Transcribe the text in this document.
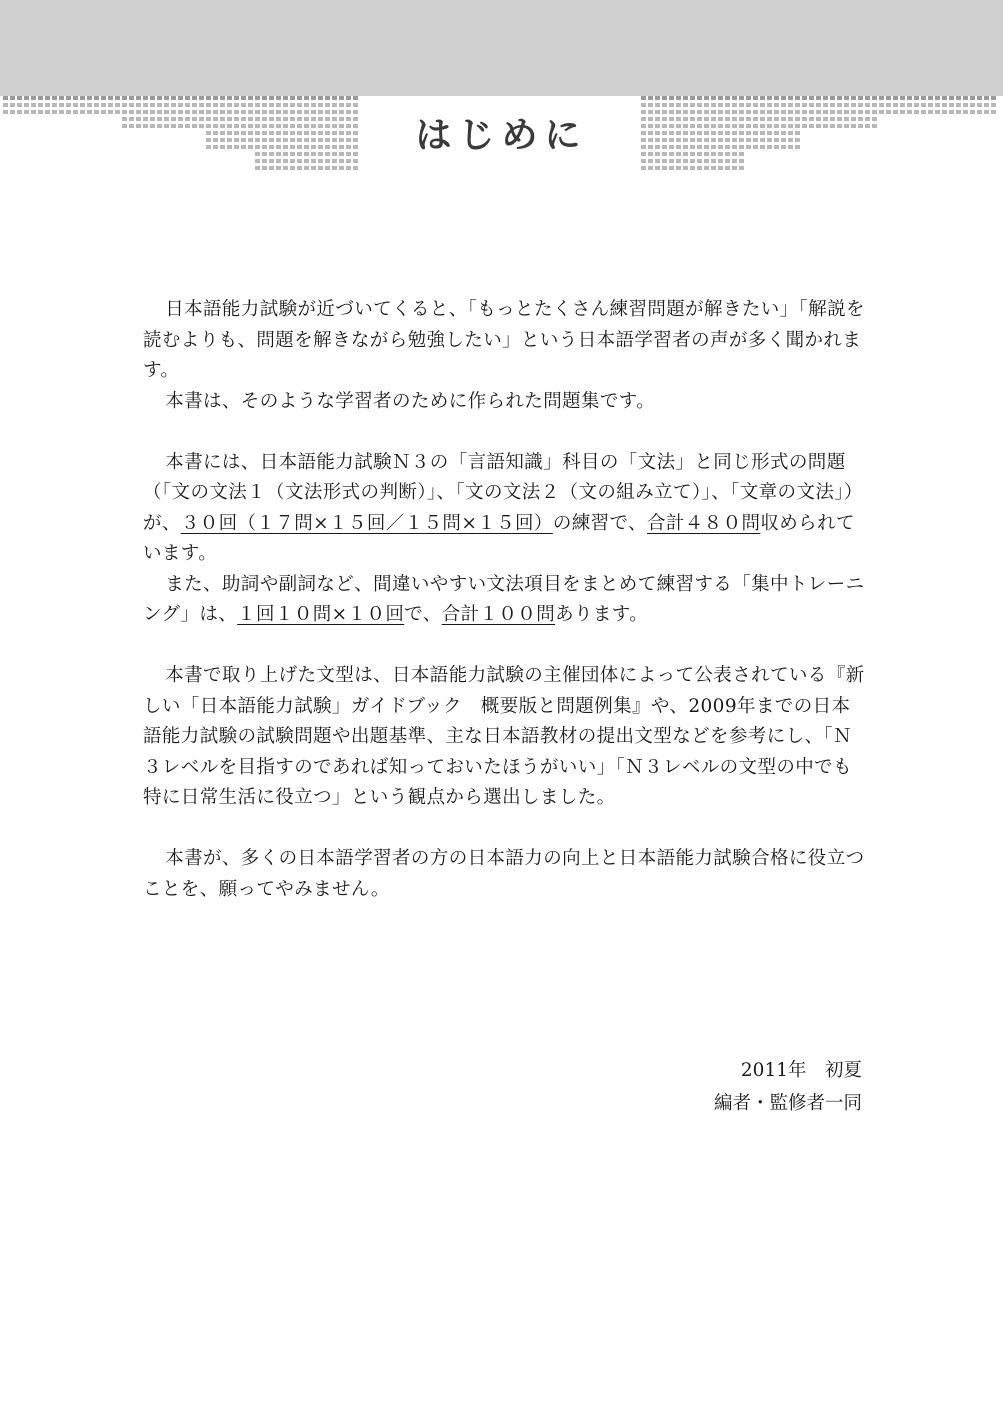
はじめに

日本語能力試験が近づいてくると、「もっとたくさん練習問題が解きたい」「解説を読むよりも、問題を解きながら勉強したい」という日本語学習者の声が多く聞かれます。

本書は、そのような学習者のために作られた問題集です。

本書には、日本語能力試験Ｎ３の「言語知識」科目の「文法」と同じ形式の問題（「文の文法１（文法形式の判断）」、「文の文法２（文の組み立て）」、「文章の文法」）が、３０回（１７問×１５回／１５問×１５回）の練習で、合計４８０問収められています。

また、助詞や副詞など、間違いやすい文法項目をまとめて練習する「集中トレーニング」は、１回１０問×１０回で、合計１００問あります。

本書で取り上げた文型は、日本語能力試験の主催団体によって公表されている『新しい「日本語能力試験」ガイドブック　概要版と問題例集』や、2009年までの日本語能力試験の試験問題や出題基準、主な日本語教材の提出文型などを参考にし、「Ｎ３レベルを目指すのであれば知っておいたほうがいい」「Ｎ３レベルの文型の中でも特に日常生活に役立つ」という観点から選出しました。

本書が、多くの日本語学習者の方の日本語力の向上と日本語能力試験合格に役立つことを、願ってやみません。

2011年　初夏
編者・監修者一同
